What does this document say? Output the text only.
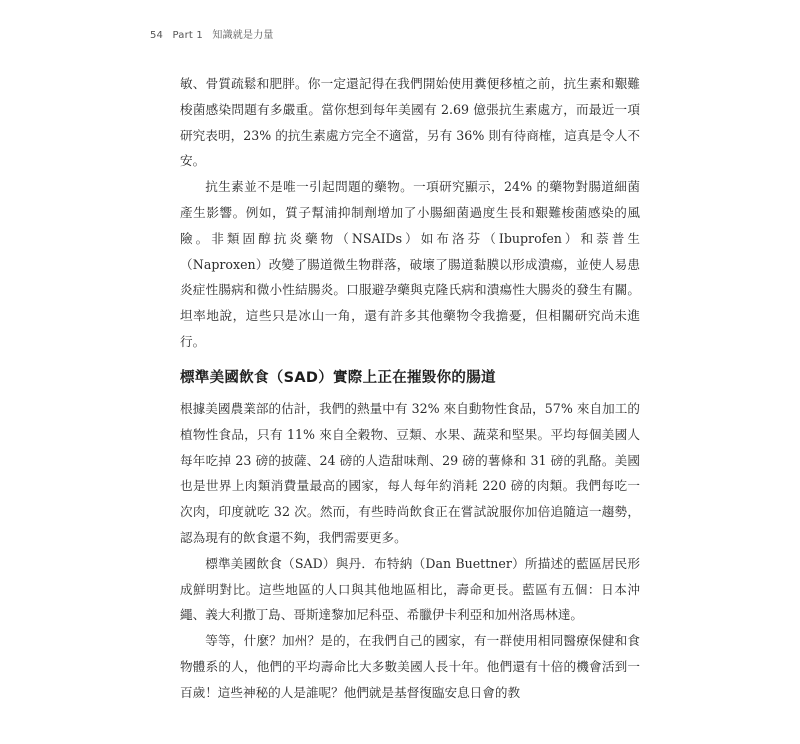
54 Part 1 知識就是力量

敏、骨質疏鬆和肥胖。你一定還記得在我們開始使用糞便移植之前，抗生素和艱難梭菌感染問題有多嚴重。當你想到每年美國有 2.69 億張抗生素處方，而最近一項研究表明，23% 的抗生素處方完全不適當，另有 36% 則有待商榷，這真是令人不安。

抗生素並不是唯一引起問題的藥物。一項研究顯示，24% 的藥物對腸道細菌產生影響。例如，質子幫浦抑制劑增加了小腸細菌過度生長和艱難梭菌感染的風險。非類固醇抗炎藥物（NSAIDs）如布洛芬（Ibuprofen）和萘普生（Naproxen）改變了腸道微生物群落，破壞了腸道黏膜以形成潰瘍，並使人易患炎症性腸病和微小性結腸炎。口服避孕藥與克隆氏病和潰瘍性大腸炎的發生有關。坦率地說，這些只是冰山一角，還有許多其他藥物令我擔憂，但相關研究尚未進行。

標準美國飲食（SAD）實際上正在摧毀你的腸道

根據美國農業部的估計，我們的熱量中有 32% 來自動物性食品，57% 來自加工的植物性食品，只有 11% 來自全穀物、豆類、水果、蔬菜和堅果。平均每個美國人每年吃掉 23 磅的披薩、24 磅的人造甜味劑、29 磅的薯條和 31 磅的乳酪。美國也是世界上肉類消費量最高的國家，每人每年約消耗 220 磅的肉類。我們每吃一次肉，印度就吃 32 次。然而，有些時尚飲食正在嘗試說服你加倍追隨這一趨勢，認為現有的飲食還不夠，我們需要更多。

標準美國飲食（SAD）與丹．布特納（Dan Buettner）所描述的藍區居民形成鮮明對比。這些地區的人口與其他地區相比，壽命更長。藍區有五個：日本沖繩、義大利撒丁島、哥斯達黎加尼科亞、希臘伊卡利亞和加州洛馬林達。

等等，什麼？加州？是的，在我們自己的國家，有一群使用相同醫療保健和食物體系的人，他們的平均壽命比大多數美國人長十年。他們還有十倍的機會活到一百歲！這些神秘的人是誰呢？他們就是基督復臨安息日會的教
